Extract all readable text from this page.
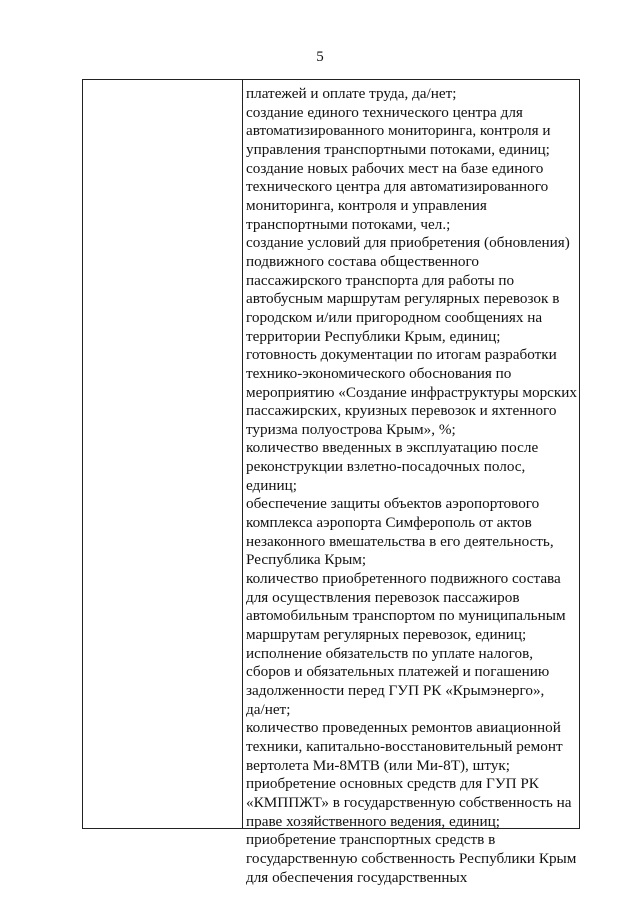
5
платежей и оплате труда, да/нет;
создание единого технического центра для
автоматизированного мониторинга, контроля и
управления транспортными потоками, единиц;
создание новых рабочих мест на базе единого
технического центра для автоматизированного
мониторинга, контроля и управления
транспортными потоками, чел.;
создание условий для приобретения (обновления)
подвижного состава общественного
пассажирского транспорта для работы по
автобусным маршрутам регулярных перевозок в
городском и/или пригородном сообщениях на
территории Республики Крым, единиц;
готовность документации по итогам разработки
технико-экономического обоснования по
мероприятию «Создание инфраструктуры морских
пассажирских, круизных перевозок и яхтенного
туризма полуострова Крым», %;
количество введенных в эксплуатацию после
реконструкции взлетно-посадочных полос,
единиц;
обеспечение защиты объектов аэропортового
комплекса аэропорта Симферополь от актов
незаконного вмешательства в его деятельность,
Республика Крым;
количество приобретенного подвижного состава
для осуществления перевозок пассажиров
автомобильным транспортом по муниципальным
маршрутам регулярных перевозок, единиц;
исполнение обязательств по уплате налогов,
сборов и обязательных платежей и погашению
задолженности перед ГУП РК «Крымэнерго»,
да/нет;
количество проведенных ремонтов авиационной
техники, капитально-восстановительный ремонт
вертолета Ми-8МТВ (или Ми-8Т), штук;
приобретение основных средств для ГУП РК
«КМППЖТ» в государственную собственность на
праве хозяйственного ведения, единиц;
приобретение транспортных средств в
государственную собственность Республики Крым
для обеспечения государственных
